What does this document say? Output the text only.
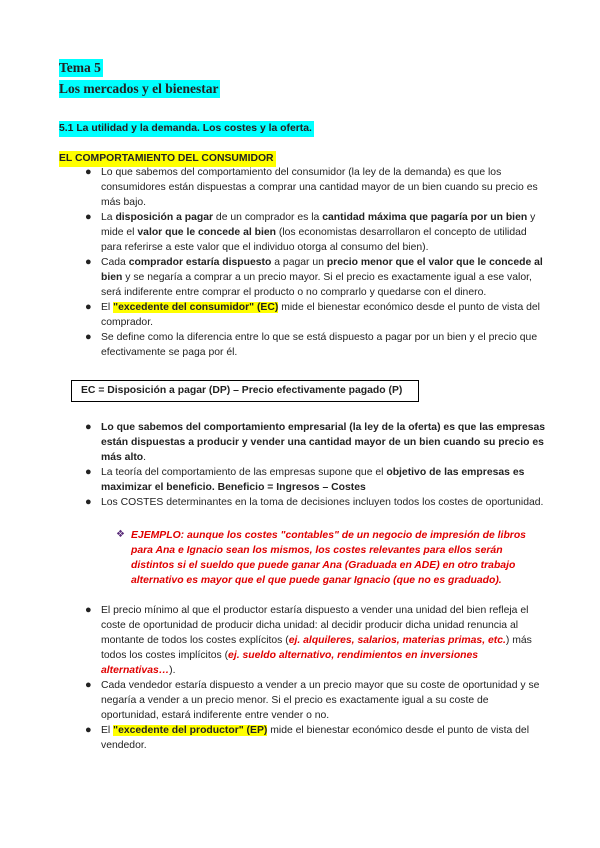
Tema 5
Los mercados y el bienestar
5.1 La utilidad y la demanda. Los costes y la oferta.
EL COMPORTAMIENTO DEL CONSUMIDOR
● Lo que sabemos del comportamiento del consumidor (la ley de la demanda) es que los consumidores están dispuestas a comprar una cantidad mayor de un bien cuando su precio es más bajo.
● La disposición a pagar de un comprador es la cantidad máxima que pagaría por un bien y mide el valor que le concede al bien (los economistas desarrollaron el concepto de utilidad para referirse a este valor que el individuo otorga al consumo del bien).
● Cada comprador estaría dispuesto a pagar un precio menor que el valor que le concede al bien y se negaría a comprar a un precio mayor. Si el precio es exactamente igual a ese valor, será indiferente entre comprar el producto o no comprarlo y quedarse con el dinero.
● El "excedente del consumidor" (EC) mide el bienestar económico desde el punto de vista del comprador.
● Se define como la diferencia entre lo que se está dispuesto a pagar por un bien y el precio que efectivamente se paga por él.
EC = Disposición a pagar (DP) – Precio efectivamente pagado (P)
● Lo que sabemos del comportamiento empresarial (la ley de la oferta) es que las empresas están dispuestas a producir y vender una cantidad mayor de un bien cuando su precio es más alto.
● La teoría del comportamiento de las empresas supone que el objetivo de las empresas es maximizar el beneficio. Beneficio = Ingresos – Costes
● Los COSTES determinantes en la toma de decisiones incluyen todos los costes de oportunidad.
❖ EJEMPLO: aunque los costes "contables" de un negocio de impresión de libros para Ana e Ignacio sean los mismos, los costes relevantes para ellos serán distintos si el sueldo que puede ganar Ana (Graduada en ADE) en otro trabajo alternativo es mayor que el que puede ganar Ignacio (que no es graduado).
● El precio mínimo al que el productor estaría dispuesto a vender una unidad del bien refleja el coste de oportunidad de producir dicha unidad: al decidir producir dicha unidad renuncia al montante de todos los costes explícitos (ej. alquileres, salarios, materias primas, etc.) más todos los costes implícitos (ej. sueldo alternativo, rendimientos en inversiones alternativas…).
● Cada vendedor estaría dispuesto a vender a un precio mayor que su coste de oportunidad y se negaría a vender a un precio menor. Si el precio es exactamente igual a su coste de oportunidad, estará indiferente entre vender o no.
● El "excedente del productor" (EP) mide el bienestar económico desde el punto de vista del vendedor.
